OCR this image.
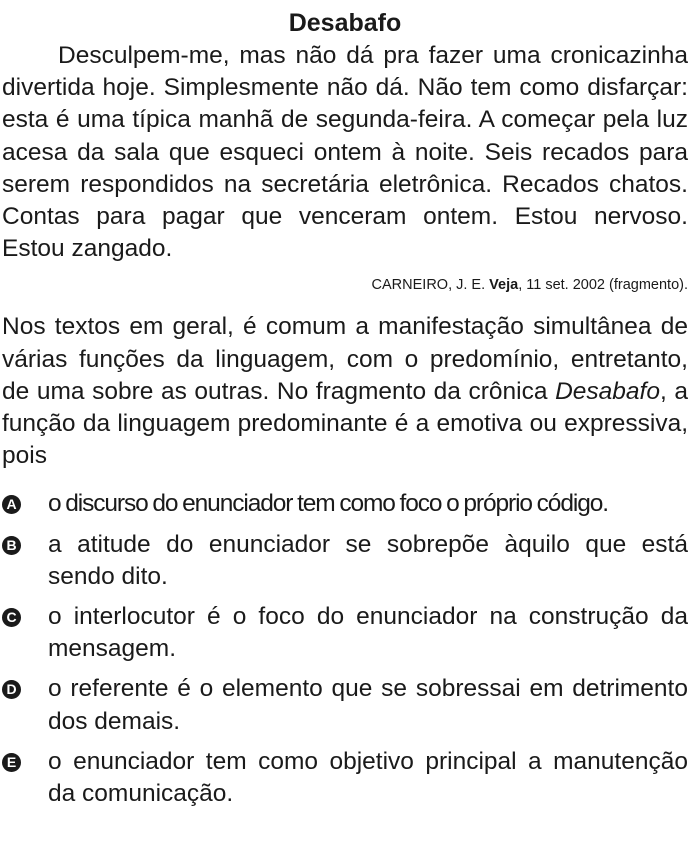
Desabafo

Desculpem-me, mas não dá pra fazer uma cronicazinha divertida hoje. Simplesmente não dá. Não tem como disfarçar: esta é uma típica manhã de segunda-feira. A começar pela luz acesa da sala que esqueci ontem à noite. Seis recados para serem respondidos na secretária eletrônica. Recados chatos. Contas para pagar que venceram ontem. Estou nervoso. Estou zangado.

CARNEIRO, J. E. Veja, 11 set. 2002 (fragmento).

Nos textos em geral, é comum a manifestação simultânea de várias funções da linguagem, com o predomínio, entretanto, de uma sobre as outras. No fragmento da crônica Desabafo, a função da linguagem predominante é a emotiva ou expressiva, pois

A o discurso do enunciador tem como foco o próprio código.
B a atitude do enunciador se sobrepõe àquilo que está sendo dito.
C o interlocutor é o foco do enunciador na construção da mensagem.
D o referente é o elemento que se sobressai em detrimento dos demais.
E o enunciador tem como objetivo principal a manutenção da comunicação.
